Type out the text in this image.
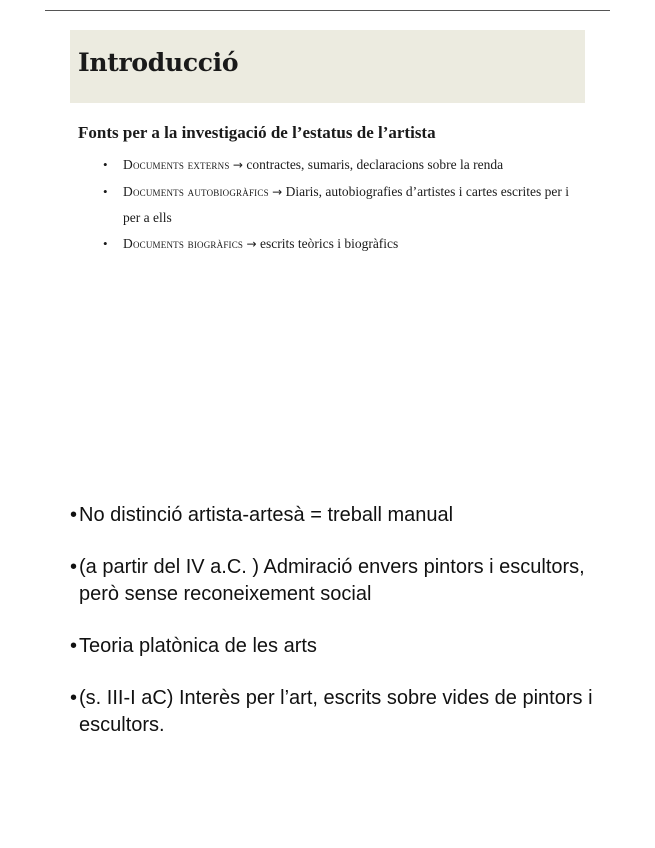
Introducció
Fonts per a la investigació de l’estatus de l’artista
• Documents externs → contractes, sumaris, declaracions sobre la renda
• Documents autobiogràfics → Diaris, autobiografies d’artistes i cartes escrites per i per a ells
• Documents biogràfics → escrits teòrics i biogràfics
• No distinció artista-artesà = treball manual
• (a partir del IV a.C. ) Admiració envers pintors i escultors, però sense reconeixement social
• Teoria platònica de les arts
• (s. III-I aC) Interès per l’art, escrits sobre vides de pintors i escultors.
